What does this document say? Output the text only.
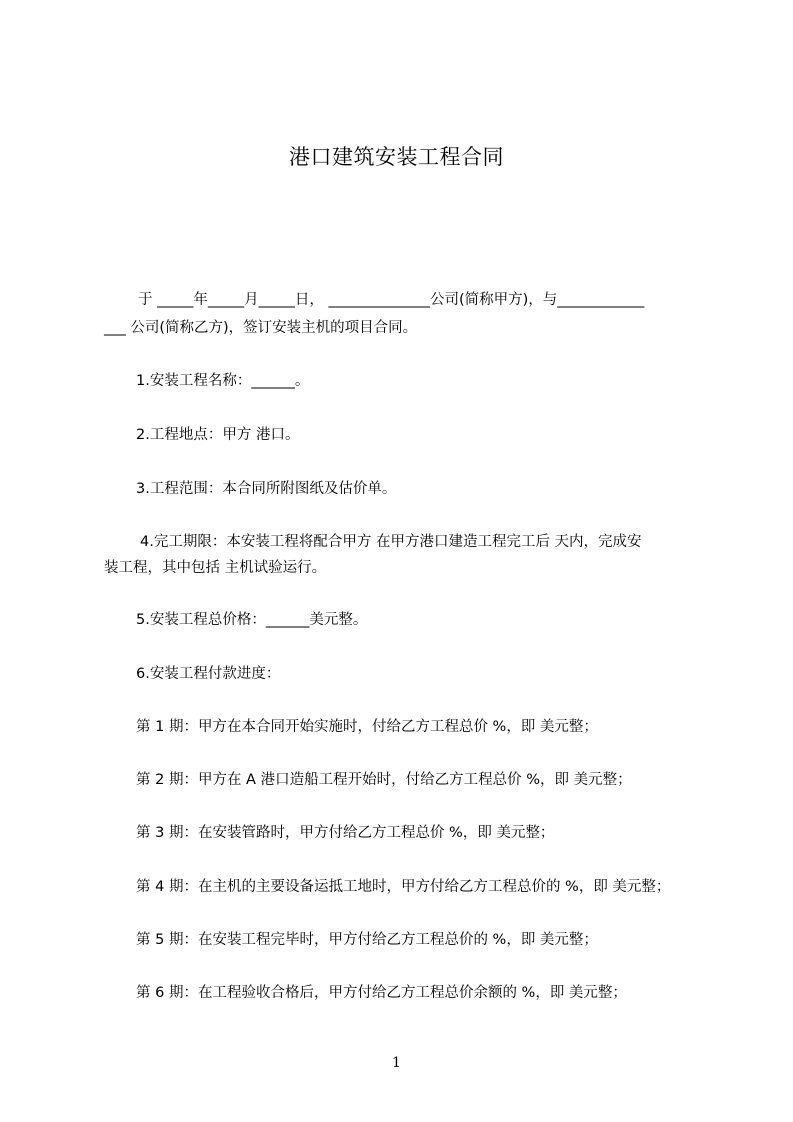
港口建筑安装工程合同
于 _____年_____月_____日， ______________公司(简称甲方)，与____________
___ 公司(简称乙方)，签订安装主机的项目合同。
1.安装工程名称：______。
2.工程地点：甲方 港口。
3.工程范围：本合同所附图纸及估价单。
4.完工期限：本安装工程将配合甲方 在甲方港口建造工程完工后 天内，完成安
装工程，其中包括 主机试验运行。
5.安装工程总价格：______美元整。
6.安装工程付款进度：
第 1 期：甲方在本合同开始实施时，付给乙方工程总价 %，即 美元整；
第 2 期：甲方在 A 港口造船工程开始时，付给乙方工程总价 %，即 美元整；
第 3 期：在安装管路时，甲方付给乙方工程总价 %，即 美元整；
第 4 期：在主机的主要设备运抵工地时，甲方付给乙方工程总价的 %，即 美元整；
第 5 期：在安装工程完毕时，甲方付给乙方工程总价的 %，即 美元整；
第 6 期：在工程验收合格后，甲方付给乙方工程总价余额的 %，即 美元整；
1
